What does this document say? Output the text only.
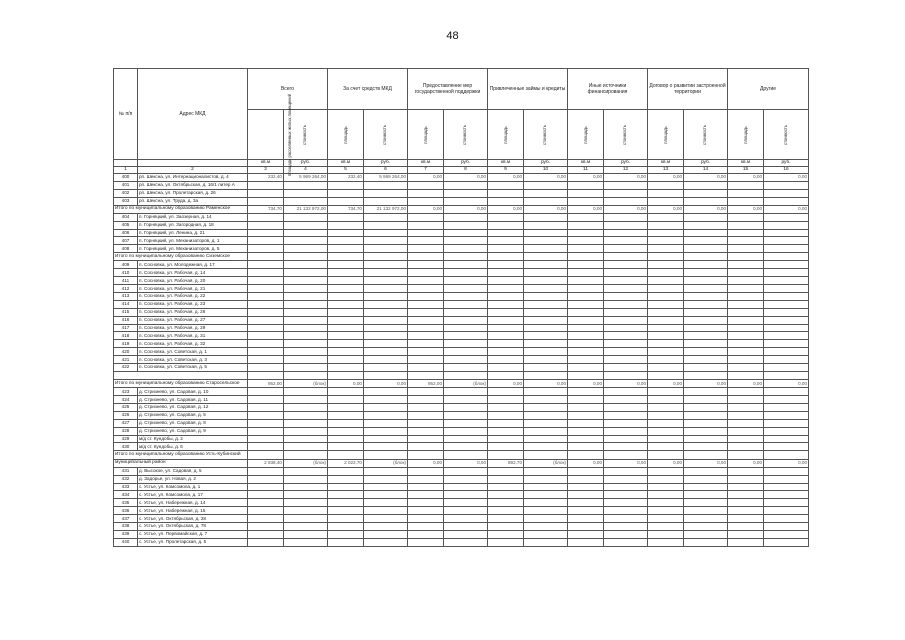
48
№ п/п	Адрес МКД	Всего		За счет средств МКД		Предоставление мер государственной поддержки		Привлеченные займы и кредиты		Иные источники финансирования		Договор о развитии застроенной территории		Другие	
		площадь расселяемых жилых помещений	стоимость	площадь	стоимость	площадь	стоимость	площадь	стоимость	площадь	стоимость	площадь	стоимость	площадь	стоимость
		кв.м	руб.	кв.м	руб.	кв.м	руб.	кв.м	руб.	кв.м	руб.	кв.м	руб.	кв.м	руб.
1	2	3	4	5	6	7	8	9	10	11	12	13	14	15	16
400	рп. Шексна, ул. Интернационалистов, д. 4	232,40	5 969 264,00	232,40	5 969 264,00	0,00	0,00	0,00	0,00	0,00	0,00	0,00	0,00	0,00	0,00
401	рп. Шексна, ул. Октябрьская, д. 16/1 литер А														
402	рп. Шексна, ул. Пролетарская, д. 26														
403	рп. Шексна, ул. Труда, д. 3а														
Итого по муниципальному образованию Раменское		734,70	21 132 972,00	734,70	21 132 972,00	0,00	0,00	0,00	0,00	0,00	0,00	0,00	0,00	0,00	0,00
404	п. Горняцкий, ул. Заозерная, д. 14														
405	п. Горняцкий, ул. Загородная, д. 18														
406	п. Горняцкий, ул. Ленина, д. 21														
407	п. Горняцкий, ул. Механизаторов, д. 1														
408	п. Горняцкий, ул. Механизаторов, д. 5														
Итого по муниципальному образованию Сиземское															
409	п. Сосновка, ул. Молодежная, д. 17														
410	п. Сосновка, ул. Рабочая, д. 14														
411	п. Сосновка, ул. Рабочая, д. 20														
412	п. Сосновка, ул. Рабочая, д. 21														
413	п. Сосновка, ул. Рабочая, д. 22														
414	п. Сосновка, ул. Рабочая, д. 23														
415	п. Сосновка, ул. Рабочая, д. 26														
416	п. Сосновка, ул. Рабочая, д. 27														
417	п. Сосновка, ул. Рабочая, д. 29														
418	п. Сосновка, ул. Рабочая, д. 31														
419	п. Сосновка, ул. Рабочая, д. 32														
420	п. Сосновка, ул. Советская, д. 1														
421	п. Сосновка, ул. Советская, д. 3														
422	п. Сосновка, ул. Советская, д. 5														

Итого по муниципальному образованию Старосельское		952,00	(блок)	0,00	0,00	952,00	(блок)	0,00	0,00	0,00	0,00	0,00	0,00	0,00	0,00
423	д. Стризнево, ул. Садовая, д. 10														
424	д. Стризнево, ул. Садовая, д. 11														
425	д. Стризнево, ул. Садовая, д. 12														
426	д. Стризнево, ул. Садовая, д. 5														
427	д. Стризнево, ул. Садовая, д. 8														
428	д. Стризнево, ул. Садовая, д. 9														
429	м/д ст. Кундобы, д. 2														
430	м/д ст. Кундобы, д. 6														
Итого по муниципальному образованию Усть-Кубинский															
муниципальный район		2 938,40	(блок)	2 022,70	(блок)	0,00	0,00	892,70	(блок)	0,00	0,00	0,00	0,00	0,00	0,00
431	д. Высокое, ул. Садовая, д. 5														
432	д. Задорье, ул. Новая, д. 2														
433	с. Устье, ул. Комсомола, д. 1														
434	с. Устье, ул. Комсомола, д. 17														
435	с. Устье, ул. Набережная, д. 14														
436	с. Устье, ул. Набережная, д. 15														
437	с. Устье, ул. Октябрьская, д. 28														
438	с. Устье, ул. Октябрьская, д. 78														
439	с. Устье, ул. Первомайская, д. 7														
440	с. Устье, ул. Пролетарская, д. 5														
